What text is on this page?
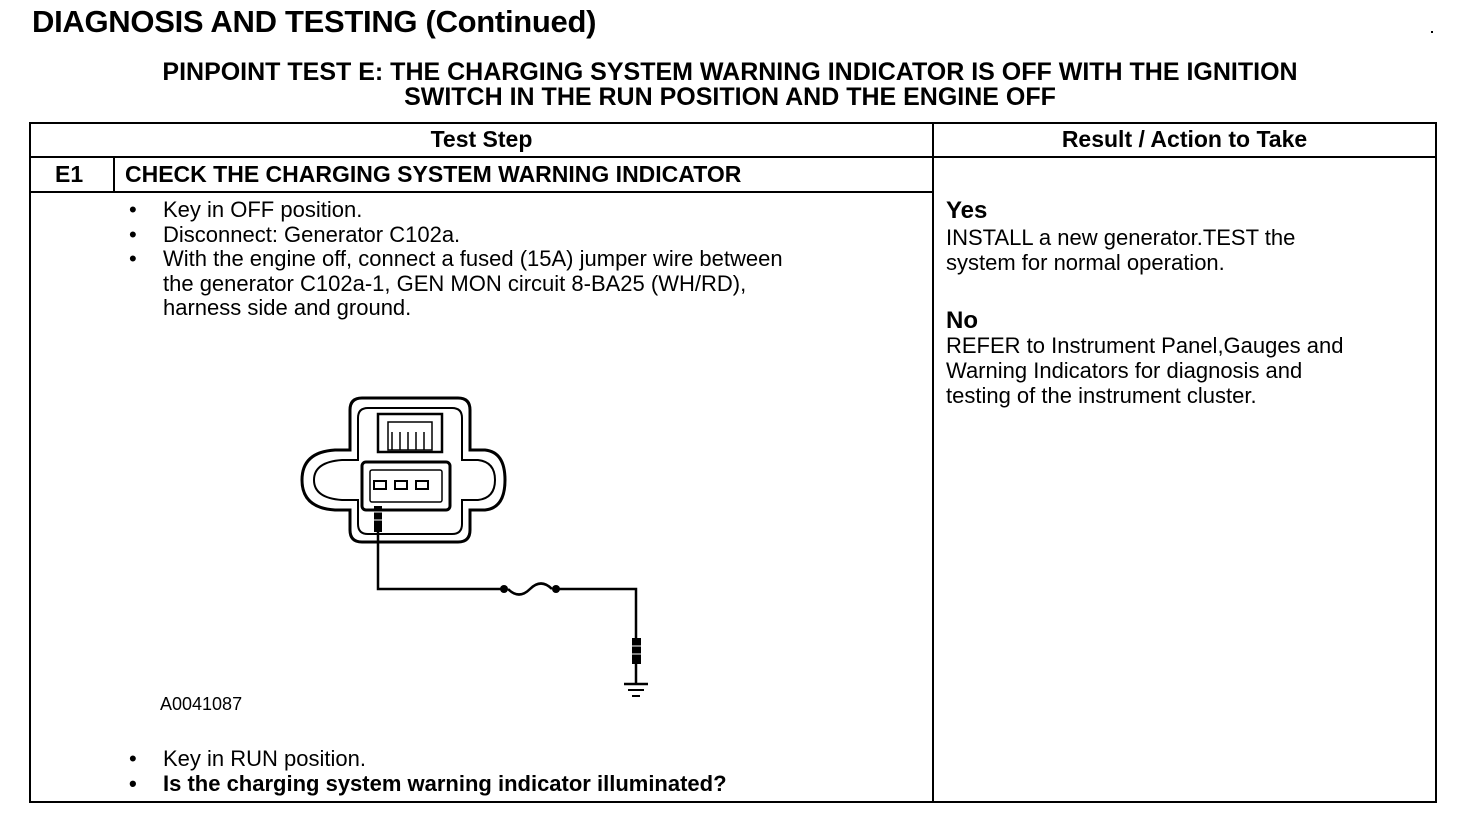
DIAGNOSIS AND TESTING (Continued)
PINPOINT TEST E: THE CHARGING SYSTEM WARNING INDICATOR IS OFF WITH THE IGNITION
SWITCH IN THE RUN POSITION AND THE ENGINE OFF
Test Step	Result / Action to Take
E1 CHECK THE CHARGING SYSTEM WARNING INDICATOR
• Key in OFF position.
• Disconnect: Generator C102a.
• With the engine off, connect a fused (15A) jumper wire between
the generator C102a-1, GEN MON circuit 8-BA25 (WH/RD),
harness side and ground.
A0041087
• Key in RUN position.
• Is the charging system warning indicator illuminated?
Yes
INSTALL a new generator.TEST the
system for normal operation.
No
REFER to Instrument Panel,Gauges and
Warning Indicators for diagnosis and
testing of the instrument cluster.
